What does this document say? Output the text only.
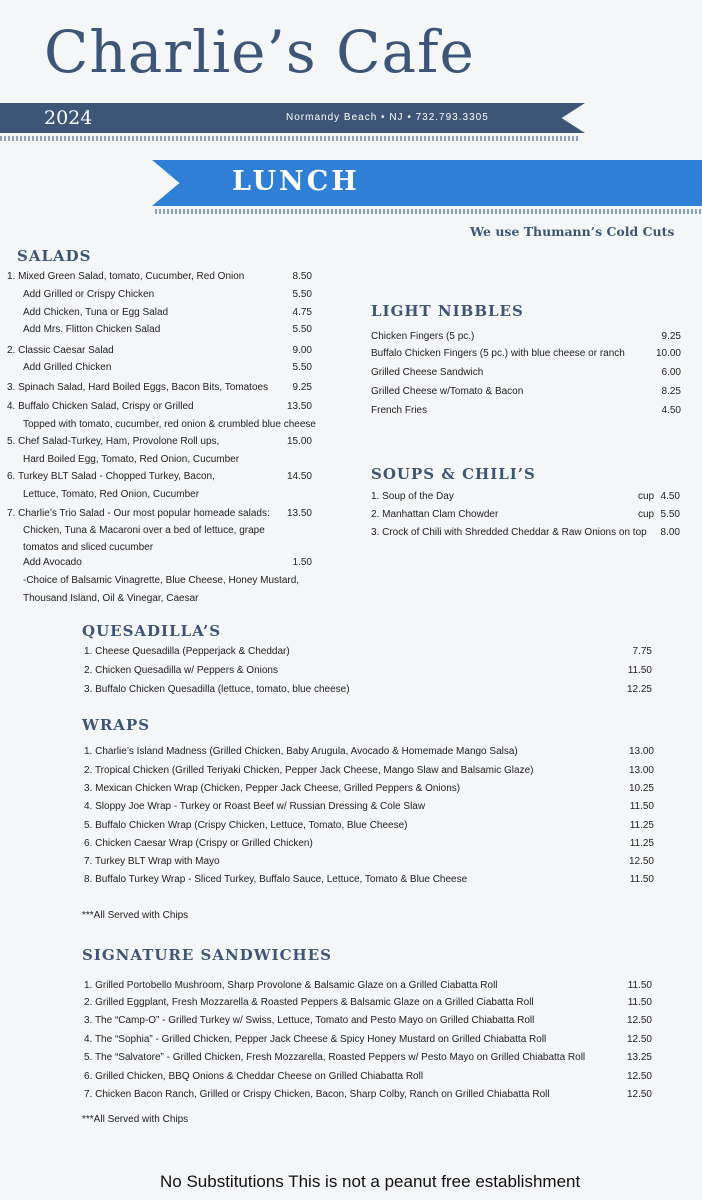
Charlie’s Cafe
2024	Normandy Beach • NJ • 732.793.3305
LUNCH
We use Thumann’s Cold Cuts
SALADS
LIGHT NIBBLES
SOUPS & CHILI’S
QUESADILLA’S
WRAPS
SIGNATURE SANDWICHES
1. Mixed Green Salad, tomato, Cucumber, Red Onion	8.50
Add Grilled or Crispy Chicken	5.50
Add Chicken, Tuna or Egg Salad	4.75
Add Mrs. Flitton Chicken Salad	5.50
2. Classic Caesar Salad	9.00
Add Grilled Chicken	5.50
3. Spinach Salad, Hard Boiled Eggs, Bacon Bits, Tomatoes 9.25
4. Buffalo Chicken Salad, Crispy or Grilled	13.50
Topped with tomato, cucumber, red onion & crumbled blue cheese
5. Chef Salad-Turkey, Ham, Provolone Roll ups,	15.00
Hard Boiled Egg, Tomato, Red Onion, Cucumber
6. Turkey BLT Salad - Chopped Turkey, Bacon,	14.50
Lettuce, Tomato, Red Onion, Cucumber
7. Charlie’s Trio Salad - Our most popular homeade salads: 13.50
Chicken, Tuna & Macaroni over a bed of lettuce, grape
tomatos and sliced cucumber
Add Avocado	1.50
-Choice of Balsamic Vinagrette, Blue Cheese, Honey Mustard,
Thousand Island, Oil & Vinegar, Caesar
Chicken Fingers (5 pc.)	9.25
Buffalo Chicken Fingers (5 pc.) with blue cheese or ranch	10.00
Grilled Cheese Sandwich	6.00
Grilled Cheese w/Tomato & Bacon	8.25
French Fries	4.50
1. Soup of the Day	cup 4.50
2. Manhattan Clam Chowder	cup 5.50
3. Crock of Chili with Shredded Cheddar & Raw Onions on top 8.00
1. Cheese Quesadilla (Pepperjack & Cheddar)	7.75
2. Chicken Quesadilla w/ Peppers & Onions	11.50
3. Buffalo Chicken Quesadilla (lettuce, tomato, blue cheese)	12.25
1. Charlie’s Island Madness (Grilled Chicken, Baby Arugula, Avocado & Homemade Mango Salsa)	13.00
2. Tropical Chicken (Grilled Teriyaki Chicken, Pepper Jack Cheese, Mango Slaw and Balsamic Glaze)	13.00
3. Mexican Chicken Wrap (Chicken, Pepper Jack Cheese, Grilled Peppers & Onions)	10.25
4. Sloppy Joe Wrap - Turkey or Roast Beef w/ Russian Dressing & Cole Slaw	11.50
5. Buffalo Chicken Wrap (Crispy Chicken, Lettuce, Tomato, Blue Cheese)	11.25
6. Chicken Caesar Wrap (Crispy or Grilled Chicken)	11.25
7. Turkey BLT Wrap with Mayo	12.50
8. Buffalo Turkey Wrap - Sliced Turkey, Buffalo Sauce, Lettuce, Tomato & Blue Cheese	11.50
***All Served with Chips
1. Grilled Portobello Mushroom, Sharp Provolone & Balsamic Glaze on a Grilled Ciabatta Roll	11.50
2. Grilled Eggplant, Fresh Mozzarella & Roasted Peppers & Balsamic Glaze on a Grilled Ciabatta Roll	11.50
3. The “Camp-O” - Grilled Turkey w/ Swiss, Lettuce, Tomato and Pesto Mayo on Grilled Chiabatta Roll	12.50
4. The “Sophia” - Grilled Chicken, Pepper Jack Cheese & Spicy Honey Mustard on Grilled Chiabatta Roll	12.50
5. The “Salvatore” - Grilled Chicken, Fresh Mozzarella, Roasted Peppers w/ Pesto Mayo on Grilled Chiabatta Roll	13.25
6. Grilled Chicken, BBQ Onions & Cheddar Cheese on Grilled Chiabatta Roll	12.50
7. Chicken Bacon Ranch, Grilled or Crispy Chicken, Bacon, Sharp Colby, Ranch on Grilled Chiabatta Roll	12.50
***All Served with Chips
No Substitutions This is not a peanut free establishment
